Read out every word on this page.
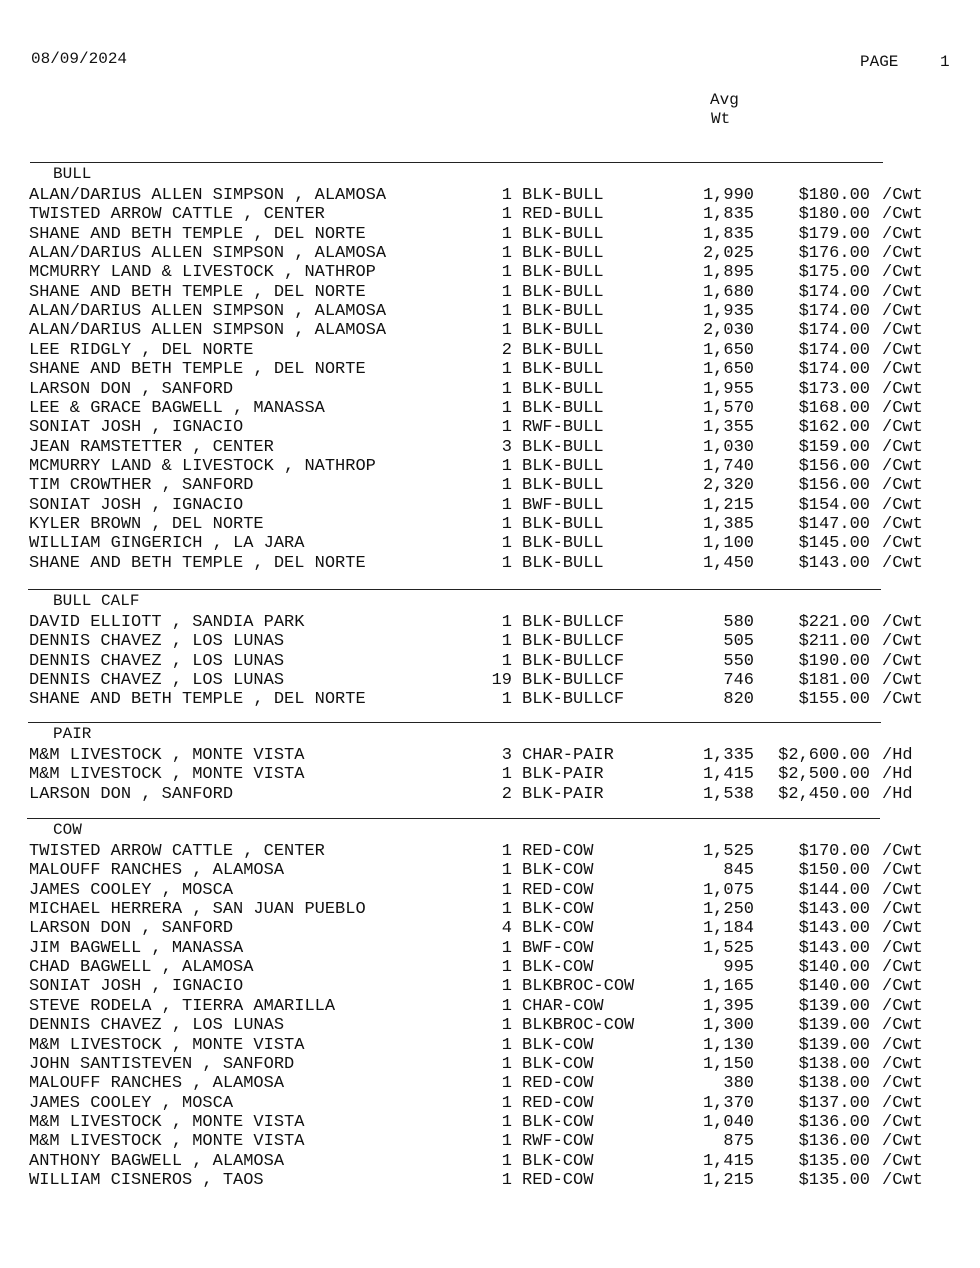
08/09/2024	PAGE	1
Avg
Wt
BULL
ALAN/DARIUS ALLEN SIMPSON , ALAMOSA	1 BLK-BULL	1,990	$180.00 /Cwt
TWISTED ARROW CATTLE , CENTER	1 RED-BULL	1,835	$180.00 /Cwt
SHANE AND BETH TEMPLE , DEL NORTE	1 BLK-BULL	1,835	$179.00 /Cwt
ALAN/DARIUS ALLEN SIMPSON , ALAMOSA	1 BLK-BULL	2,025	$176.00 /Cwt
MCMURRY LAND & LIVESTOCK , NATHROP	1 BLK-BULL	1,895	$175.00 /Cwt
SHANE AND BETH TEMPLE , DEL NORTE	1 BLK-BULL	1,680	$174.00 /Cwt
ALAN/DARIUS ALLEN SIMPSON , ALAMOSA	1 BLK-BULL	1,935	$174.00 /Cwt
ALAN/DARIUS ALLEN SIMPSON , ALAMOSA	1 BLK-BULL	2,030	$174.00 /Cwt
LEE RIDGLY , DEL NORTE	2 BLK-BULL	1,650	$174.00 /Cwt
SHANE AND BETH TEMPLE , DEL NORTE	1 BLK-BULL	1,650	$174.00 /Cwt
LARSON DON , SANFORD	1 BLK-BULL	1,955	$173.00 /Cwt
LEE & GRACE BAGWELL , MANASSA	1 BLK-BULL	1,570	$168.00 /Cwt
SONIAT JOSH , IGNACIO	1 RWF-BULL	1,355	$162.00 /Cwt
JEAN RAMSTETTER , CENTER	3 BLK-BULL	1,030	$159.00 /Cwt
MCMURRY LAND & LIVESTOCK , NATHROP	1 BLK-BULL	1,740	$156.00 /Cwt
TIM CROWTHER , SANFORD	1 BLK-BULL	2,320	$156.00 /Cwt
SONIAT JOSH , IGNACIO	1 BWF-BULL	1,215	$154.00 /Cwt
KYLER BROWN , DEL NORTE	1 BLK-BULL	1,385	$147.00 /Cwt
WILLIAM GINGERICH , LA JARA	1 BLK-BULL	1,100	$145.00 /Cwt
SHANE AND BETH TEMPLE , DEL NORTE	1 BLK-BULL	1,450	$143.00 /Cwt
BULL CALF
DAVID ELLIOTT , SANDIA PARK	1 BLK-BULLCF	580	$221.00 /Cwt
DENNIS CHAVEZ , LOS LUNAS	1 BLK-BULLCF	505	$211.00 /Cwt
DENNIS CHAVEZ , LOS LUNAS	1 BLK-BULLCF	550	$190.00 /Cwt
DENNIS CHAVEZ , LOS LUNAS	19 BLK-BULLCF	746	$181.00 /Cwt
SHANE AND BETH TEMPLE , DEL NORTE	1 BLK-BULLCF	820	$155.00 /Cwt
PAIR
M&M LIVESTOCK , MONTE VISTA	3 CHAR-PAIR	1,335 $2,600.00 /Hd
M&M LIVESTOCK , MONTE VISTA	1 BLK-PAIR	1,415 $2,500.00 /Hd
LARSON DON , SANFORD	2 BLK-PAIR	1,538 $2,450.00 /Hd
COW
TWISTED ARROW CATTLE , CENTER	1 RED-COW	1,525	$170.00 /Cwt
MALOUFF RANCHES , ALAMOSA	1 BLK-COW	845	$150.00 /Cwt
JAMES COOLEY , MOSCA	1 RED-COW	1,075	$144.00 /Cwt
MICHAEL HERRERA , SAN JUAN PUEBLO	1 BLK-COW	1,250	$143.00 /Cwt
LARSON DON , SANFORD	4 BLK-COW	1,184	$143.00 /Cwt
JIM BAGWELL , MANASSA	1 BWF-COW	1,525	$143.00 /Cwt
CHAD BAGWELL , ALAMOSA	1 BLK-COW	995	$140.00 /Cwt
SONIAT JOSH , IGNACIO	1 BLKBROC-COW	1,165	$140.00 /Cwt
STEVE RODELA , TIERRA AMARILLA	1 CHAR-COW	1,395	$139.00 /Cwt
DENNIS CHAVEZ , LOS LUNAS	1 BLKBROC-COW	1,300	$139.00 /Cwt
M&M LIVESTOCK , MONTE VISTA	1 BLK-COW	1,130	$139.00 /Cwt
JOHN SANTISTEVEN , SANFORD	1 BLK-COW	1,150	$138.00 /Cwt
MALOUFF RANCHES , ALAMOSA	1 RED-COW	380	$138.00 /Cwt
JAMES COOLEY , MOSCA	1 RED-COW	1,370	$137.00 /Cwt
M&M LIVESTOCK , MONTE VISTA	1 BLK-COW	1,040	$136.00 /Cwt
M&M LIVESTOCK , MONTE VISTA	1 RWF-COW	875	$136.00 /Cwt
ANTHONY BAGWELL , ALAMOSA	1 BLK-COW	1,415	$135.00 /Cwt
WILLIAM CISNEROS , TAOS	1 RED-COW	1,215	$135.00 /Cwt
